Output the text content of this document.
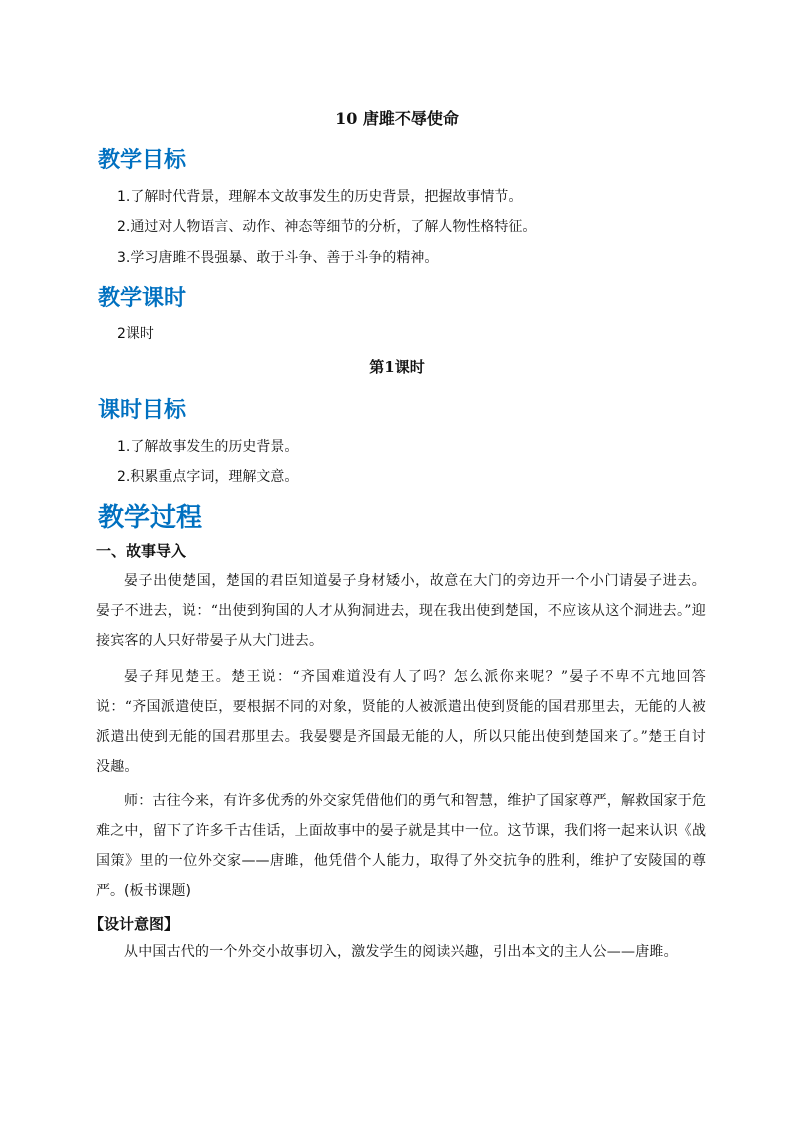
10 唐雎不辱使命
教学目标
1.了解时代背景，理解本文故事发生的历史背景，把握故事情节。
2.通过对人物语言、动作、神态等细节的分析，了解人物性格特征。
3.学习唐雎不畏强暴、敢于斗争、善于斗争的精神。
教学课时
2课时
第1课时
课时目标
1.了解故事发生的历史背景。
2.积累重点字词，理解文意。
教学过程
一、故事导入
晏子出使楚国，楚国的君臣知道晏子身材矮小，故意在大门的旁边开一个小门请晏子进去。晏子不进去，说：“出使到狗国的人才从狗洞进去，现在我出使到楚国，不应该从这个洞进去。”迎接宾客的人只好带晏子从大门进去。
晏子拜见楚王。楚王说：“齐国难道没有人了吗？怎么派你来呢？”晏子不卑不亢地回答说：“齐国派遣使臣，要根据不同的对象，贤能的人被派遣出使到贤能的国君那里去，无能的人被派遣出使到无能的国君那里去。我晏婴是齐国最无能的人，所以只能出使到楚国来了。”楚王自讨没趣。
师：古往今来，有许多优秀的外交家凭借他们的勇气和智慧，维护了国家尊严，解救国家于危难之中，留下了许多千古佳话，上面故事中的晏子就是其中一位。这节课，我们将一起来认识《战国策》里的一位外交家——唐雎，他凭借个人能力，取得了外交抗争的胜利，维护了安陵国的尊严。(板书课题)
【设计意图】
从中国古代的一个外交小故事切入，激发学生的阅读兴趣，引出本文的主人公——唐雎。
